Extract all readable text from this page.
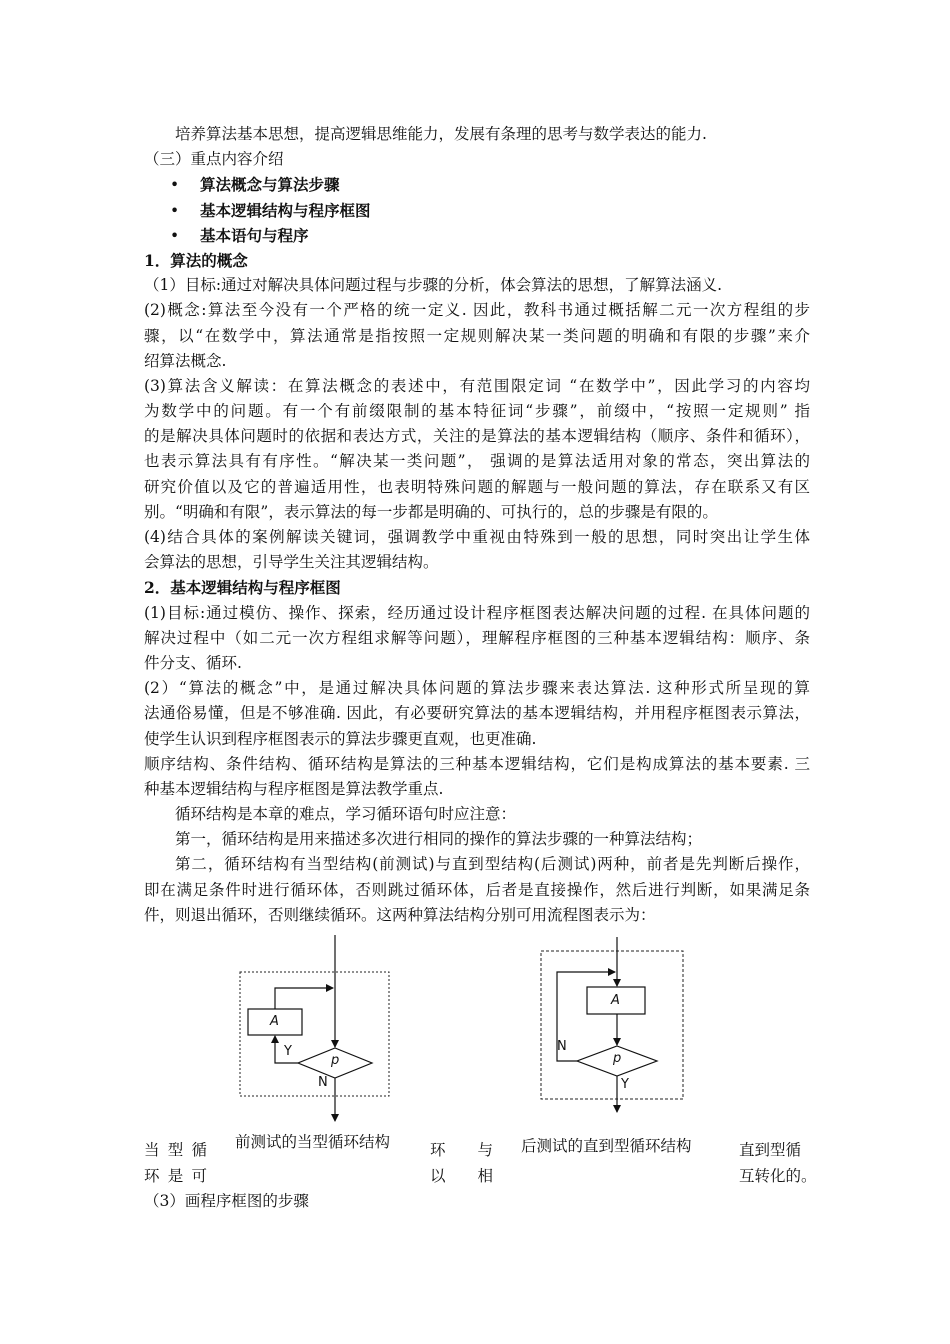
培养算法基本思想，提高逻辑思维能力，发展有条理的思考与数学表达的能力.
（三）重点内容介绍
• 算法概念与算法步骤
• 基本逻辑结构与程序框图
• 基本语句与程序
1．算法的概念
（1）目标:通过对解决具体问题过程与步骤的分析，体会算法的思想，了解算法涵义.
(2)概念:算法至今没有一个严格的统一定义. 因此，教科书通过概括解二元一次方程组的步
骤，以“在数学中，算法通常是指按照一定规则解决某一类问题的明确和有限的步骤”来介
绍算法概念.
(3)算法含义解读：在算法概念的表述中，有范围限定词 “在数学中”，因此学习的内容均
为数学中的问题。有一个有前缀限制的基本特征词“步骤”，前缀中，“按照一定规则” 指
的是解决具体问题时的依据和表达方式，关注的是算法的基本逻辑结构（顺序、条件和循环），
也表示算法具有有序性。“解决某一类问题”， 强调的是算法适用对象的常态，突出算法的
研究价值以及它的普遍适用性，也表明特殊问题的解题与一般问题的算法，存在联系又有区
别。“明确和有限”，表示算法的每一步都是明确的、可执行的，总的步骤是有限的。
(4)结合具体的案例解读关键词，强调教学中重视由特殊到一般的思想，同时突出让学生体
会算法的思想，引导学生关注其逻辑结构。
2．基本逻辑结构与程序框图
(1)目标:通过模仿、操作、探索，经历通过设计程序框图表达解决问题的过程. 在具体问题的
解决过程中（如二元一次方程组求解等问题），理解程序框图的三种基本逻辑结构：顺序、条
件分支、循环.
(2）“算法的概念”中，是通过解决具体问题的算法步骤来表达算法. 这种形式所呈现的算
法通俗易懂，但是不够准确. 因此，有必要研究算法的基本逻辑结构，并用程序框图表示算法，
使学生认识到程序框图表示的算法步骤更直观，也更准确.
顺序结构、条件结构、循环结构是算法的三种基本逻辑结构，它们是构成算法的基本要素. 三
种基本逻辑结构与程序框图是算法教学重点.
循环结构是本章的难点，学习循环语句时应注意：
第一，循环结构是用来描述多次进行相同的操作的算法步骤的一种算法结构；
第二，循环结构有当型结构(前测试)与直到型结构(后测试)两种，前者是先判断后操作，
即在满足条件时进行循环体，否则跳过循环体，后者是直接操作，然后进行判断，如果满足条
件，则退出循环，否则继续循环。这两种算法结构分别可用流程图表示为：
A
p
Y
N
A
p
N
Y
前测试的当型循环结构	后测试的直到型循环结构
当 型 循
环 是 可
环 与
以 相
直到型循
互转化的。
（3）画程序框图的步骤
